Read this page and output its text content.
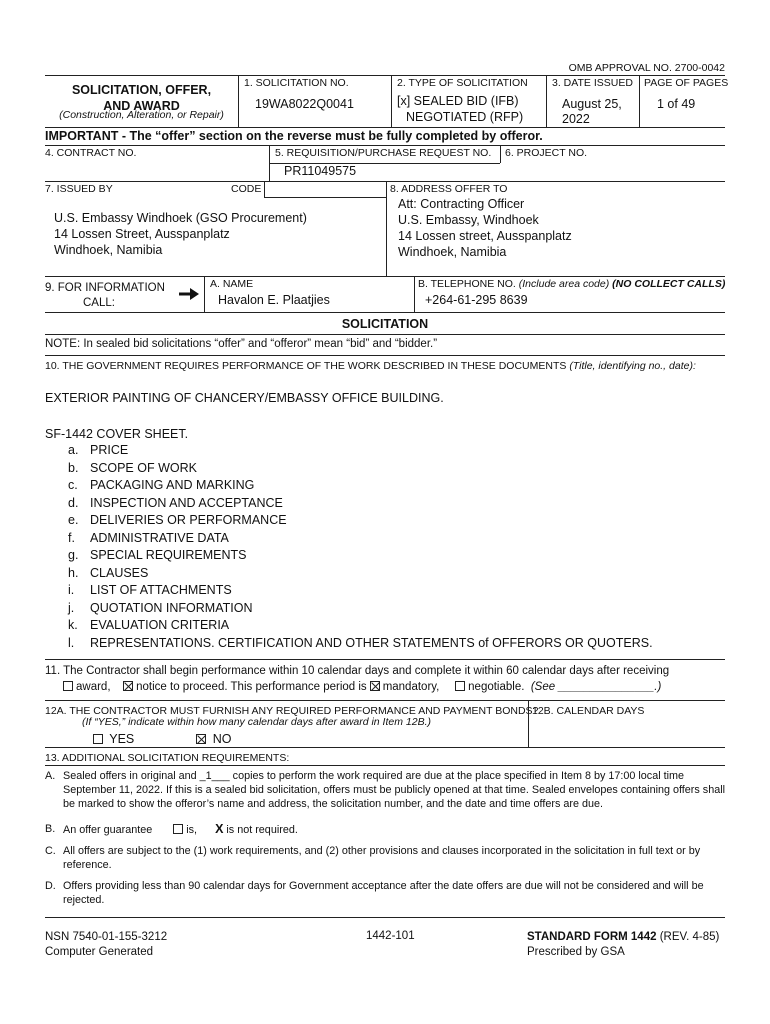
OMB APPROVAL NO. 2700-0042
SOLICITATION, OFFER,
AND AWARD
(Construction, Alteration, or Repair)
1. SOLICITATION NO.
19WA8022Q0041
2. TYPE OF SOLICITATION
[x] SEALED BID (IFB)
NEGOTIATED (RFP)
3. DATE ISSUED
August 25,
2022
PAGE OF PAGES
1 of 49
IMPORTANT - The “offer” section on the reverse must be fully completed by offeror.
4. CONTRACT NO.	5. REQUISITION/PURCHASE REQUEST NO.
PR11049575
6. PROJECT NO.
7. ISSUED BY	CODE
U.S. Embassy Windhoek (GSO Procurement)
14 Lossen Street, Ausspanplatz
Windhoek, Namibia
8. ADDRESS OFFER TO
Att: Contracting Officer
U.S. Embassy, Windhoek
14 Lossen street, Ausspanplatz
Windhoek, Namibia
9. FOR INFORMATION
CALL:
A. NAME
Havalon E. Plaatjies
B. TELEPHONE NO. (Include area code) (NO COLLECT CALLS)
+264-61-295 8639
SOLICITATION
NOTE: In sealed bid solicitations “offer” and “offeror” mean “bid” and “bidder.”
10. THE GOVERNMENT REQUIRES PERFORMANCE OF THE WORK DESCRIBED IN THESE DOCUMENTS (Title, identifying no., date):
EXTERIOR PAINTING OF CHANCERY/EMBASSY OFFICE BUILDING.
SF-1442 COVER SHEET.
a. PRICE
b. SCOPE OF WORK
c. PACKAGING AND MARKING
d. INSPECTION AND ACCEPTANCE
e. DELIVERIES OR PERFORMANCE
f. ADMINISTRATIVE DATA
g. SPECIAL REQUIREMENTS
h. CLAUSES
i. LIST OF ATTACHMENTS
j. QUOTATION INFORMATION
k. EVALUATION CRITERIA
l. REPRESENTATIONS. CERTIFICATION AND OTHER STATEMENTS of OFFERORS OR QUOTERS.
11. The Contractor shall begin performance within 10 calendar days and complete it within 60 calendar days after receiving
award, notice to proceed. This performance period is mandatory,	negotiable. (See _______________.)
12A. THE CONTRACTOR MUST FURNISH ANY REQUIRED PERFORMANCE AND PAYMENT BONDS?
(If “YES,” indicate within how many calendar days after award in Item 12B.)
YES	NO
12B. CALENDAR DAYS
13. ADDITIONAL SOLICITATION REQUIREMENTS:
A. Sealed offers in original and _1___ copies to perform the work required are due at the place specified in Item 8 by 17:00 local time September 11, 2022. If this is a sealed bid solicitation, offers must be publicly opened at that time. Sealed envelopes containing offers shall be marked to show the offeror’s name and address, the solicitation number, and the date and time offers are due.
B. An offer guarantee	is, X is not required.
C. All offers are subject to the (1) work requirements, and (2) other provisions and clauses incorporated in the solicitation in full text or by reference.
D. Offers providing less than 90 calendar days for Government acceptance after the date offers are due will not be considered and will be rejected.
NSN 7540-01-155-3212
Computer Generated
1442-101	STANDARD FORM 1442 (REV. 4-85)
Prescribed by GSA
